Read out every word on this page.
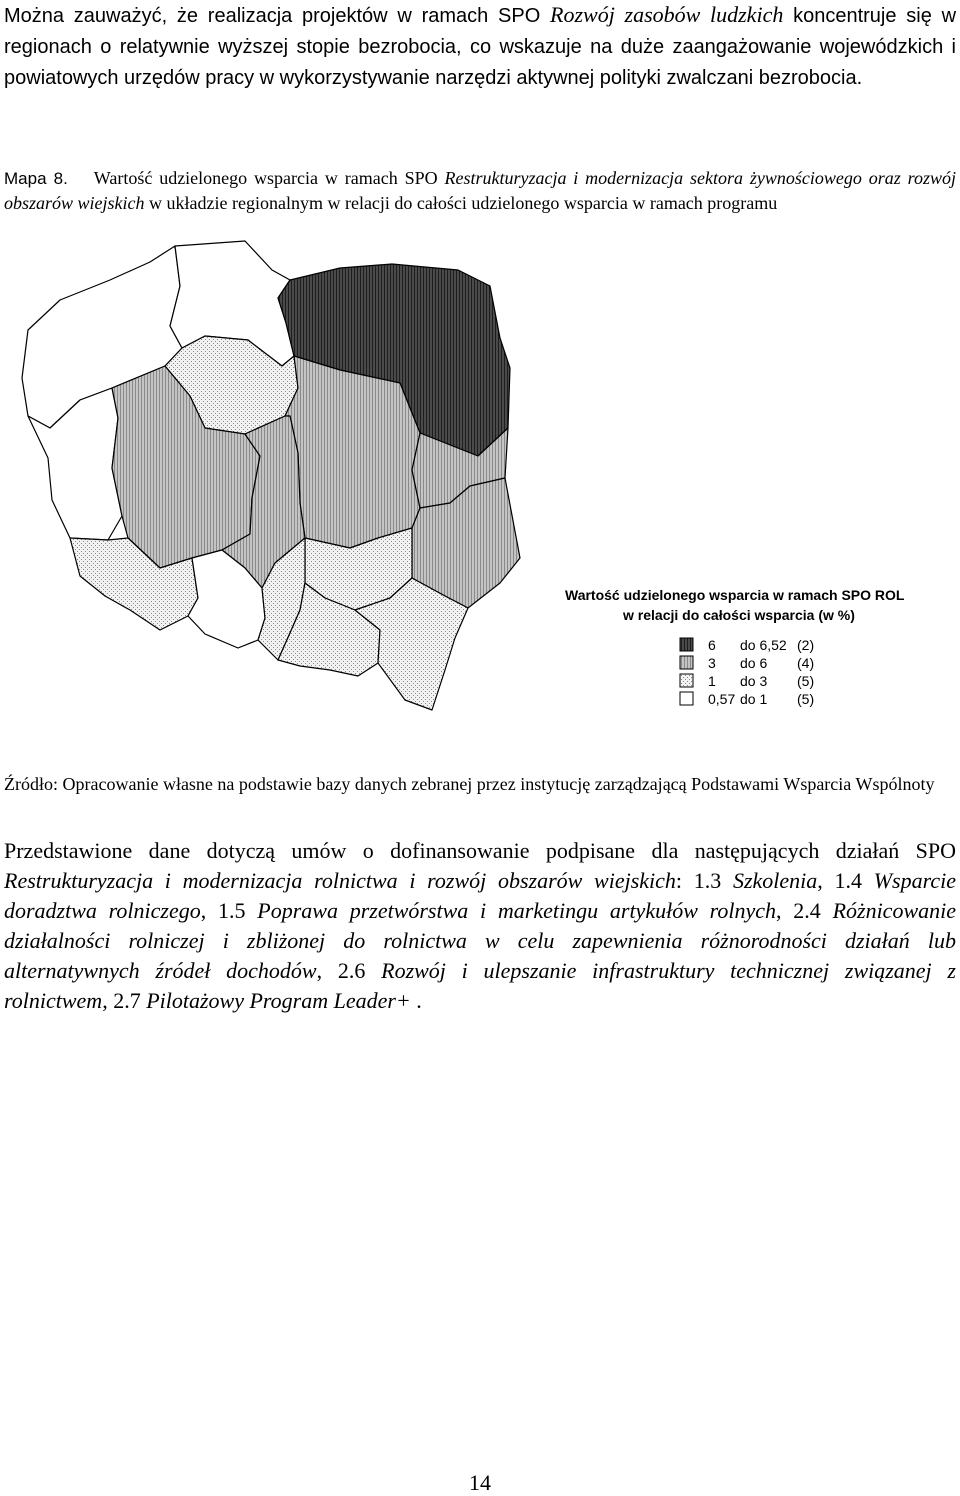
Można zauważyć, że realizacja projektów w ramach SPO Rozwój zasobów ludzkich koncentruje się w regionach o relatywnie wyższej stopie bezrobocia, co wskazuje na duże zaangażowanie wojewódzkich i powiatowych urzędów pracy w wykorzystywanie narzędzi aktywnej polityki zwalczani bezrobocia.
Mapa 8. Wartość udzielonego wsparcia w ramach SPO Restrukturyzacja i modernizacja sektora żywnościowego oraz rozwój obszarów wiejskich w układzie regionalnym w relacji do całości udzielonego wsparcia w ramach programu
Wartość udzielonego wsparcia w ramach SPO ROL
w relacji do całości wsparcia (w %)
6 do 6,52 (2)
3 do 6 (4)
1 do 3 (5)
0,57 do 1 (5)
Źródło: Opracowanie własne na podstawie bazy danych zebranej przez instytucję zarządzającą Podstawami Wsparcia Wspólnoty
Przedstawione dane dotyczą umów o dofinansowanie podpisane dla następujących działań SPO Restrukturyzacja i modernizacja rolnictwa i rozwój obszarów wiejskich: 1.3 Szkolenia, 1.4 Wsparcie doradztwa rolniczego, 1.5 Poprawa przetwórstwa i marketingu artykułów rolnych, 2.4 Różnicowanie działalności rolniczej i zbliżonej do rolnictwa w celu zapewnienia różnorodności działań lub alternatywnych źródeł dochodów, 2.6 Rozwój i ulepszanie infrastruktury technicznej związanej z rolnictwem, 2.7 Pilotażowy Program Leader+ .
14
